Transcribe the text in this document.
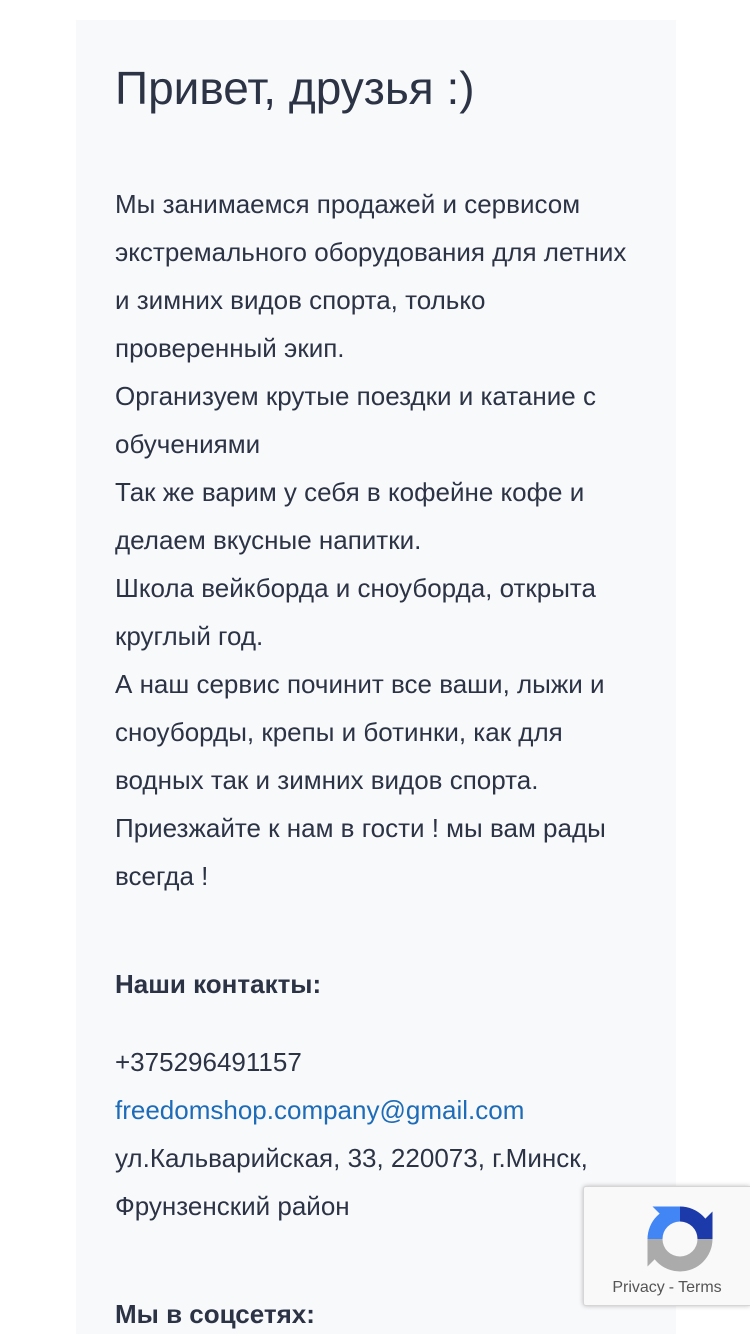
Привет, друзья :)

Мы занимаемся продажей и сервисом экстремального оборудования для летних и зимних видов спорта, только проверенный экип.

Организуем крутые поездки и катание с обучениями

Так же варим у себя в кофейне кофе и делаем вкусные напитки.

Школа вейкборда и сноуборда, открыта круглый год.

А наш сервис починит все ваши, лыжи и сноуборды, крепы и ботинки, как для водных так и зимних видов спорта.

Приезжайте к нам в гости ! мы вам рады всегда !

Наши контакты:
+375296491157
freedomshop.company@gmail.com
ул.Кальварийская, 33, 220073, г.Минск,
Фрунзенский район
Мы в соцсетях:
Privacy - Terms
